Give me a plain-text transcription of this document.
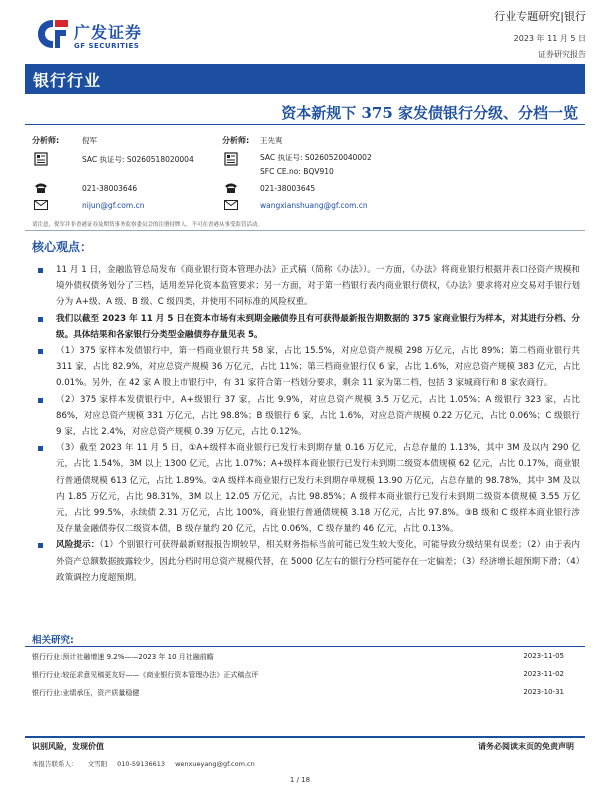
广发证券
GF SECURITIES
行业专题研究|银行
2023 年 11 月 5 日
证券研究报告
银行行业
资本新规下 375 家发债银行分级、分档一览
分析师:	倪军
SAC 执证号: S0260518020004
021-38003646
nijun@gf.com.cn
分析师: 王先爽
SAC 执证号: S0260520040002
SFC CE.no: BQV910
021-38003645
wangxianshuang@gf.com.cn
请注意，倪军并非香港证券及期货事务监察委员会的注册持牌人，不可在香港从事受监管活动。
核心观点：
11 月 1 日，金融监管总局发布《商业银行资本管理办法》正式稿（简称《办法》）。一方面，《办法》将商业银行根据并表口径资产规模和境外债权债务划分了三档，适用差异化资本监管要求；另一方面，对于第一档银行表内商业银行债权，《办法》要求将对应交易对手银行划分为 A+级、A 级、B 级、C 级四类，并使用不同标准的风险权重。
我们以截至 2023 年 11 月 5 日在资本市场有未到期金融债券且有可获得最新报告期数据的 375 家商业银行为样本，对其进行分档、分级。具体结果和各家银行分类型金融债券存量见表 5。
（1）375 家样本发债银行中，第一档商业银行共 58 家，占比 15.5%，对应总资产规模 298 万亿元，占比 89%；第二档商业银行共 311 家，占比 82.9%，对应总资产规模 36 万亿元，占比 11%；第三档商业银行仅 6 家，占比 1.6%，对应总资产规模 383 亿元，占比 0.01%。另外，在 42 家 A 股上市银行中，有 31 家符合第一档划分要求，剩余 11 家为第二档，包括 3 家城商行和 8 家农商行。
（2）375 家样本发债银行中，A+级银行 37 家，占比 9.9%，对应总资产规模 3.5 万亿元，占比 1.05%；A 级银行 323 家，占比 86%，对应总资产规模 331 万亿元，占比 98.8%；B 级银行 6 家，占比 1.6%，对应总资产规模 0.22 万亿元，占比 0.06%；C 级银行 9 家，占比 2.4%，对应总资产规模 0.39 万亿元，占比 0.12%。
（3）截至 2023 年 11 月 5 日，①A+级样本商业银行已发行未到期存量 0.16 万亿元，占总存量的 1.13%，其中 3M 及以内 290 亿元，占比 1.54%，3M 以上 1300 亿元，占比 1.07%；A+级样本商业银行已发行未到期二级资本债规模 62 亿元，占比 0.17%，商业银行普通债规模 613 亿元，占比 1.89%。②A 级样本商业银行已发行未到期存单规模 13.90 万亿元，占总存量的 98.78%，其中 3M 及以内 1.85 万亿元，占比 98.31%，3M 以上 12.05 万亿元，占比 98.85%；A 级样本商业银行已发行未到期二级资本债规模 3.55 万亿元，占比 99.5%，永续债 2.31 万亿元，占比 100%，商业银行普通债规模 3.18 万亿元，占比 97.8%。③B 级和 C 级样本商业银行涉及存量金融债券仅二级资本债，B 级存量约 20 亿元，占比 0.06%，C 级存量约 46 亿元，占比 0.13%。
风险提示：（1）个别银行可获得最新财报报告期较早，相关财务指标当前可能已发生较大变化，可能导致分级结果有误差；（2）由于表内外资产总额数据披露较少，因此分档时用总资产规模代替，在 5000 亿左右的银行分档可能存在一定偏差；（3）经济增长超预期下滑；（4）政策调控力度超预期。
相关研究:
银行行业:预计社融增速 9.2%——2023 年 10 月社融前瞻	2023-11-05
银行行业:较征求意见稿更友好——《商业银行资本管理办法》正式稿点评	2023-11-02
银行行业:业绩承压，资产质量稳健	2023-10-31
识别风险，发现价值	请务必阅读末页的免责声明
本报告联系人： 文雪阳 010-59136613 wenxueyang@gf.com.cn
1 / 18
